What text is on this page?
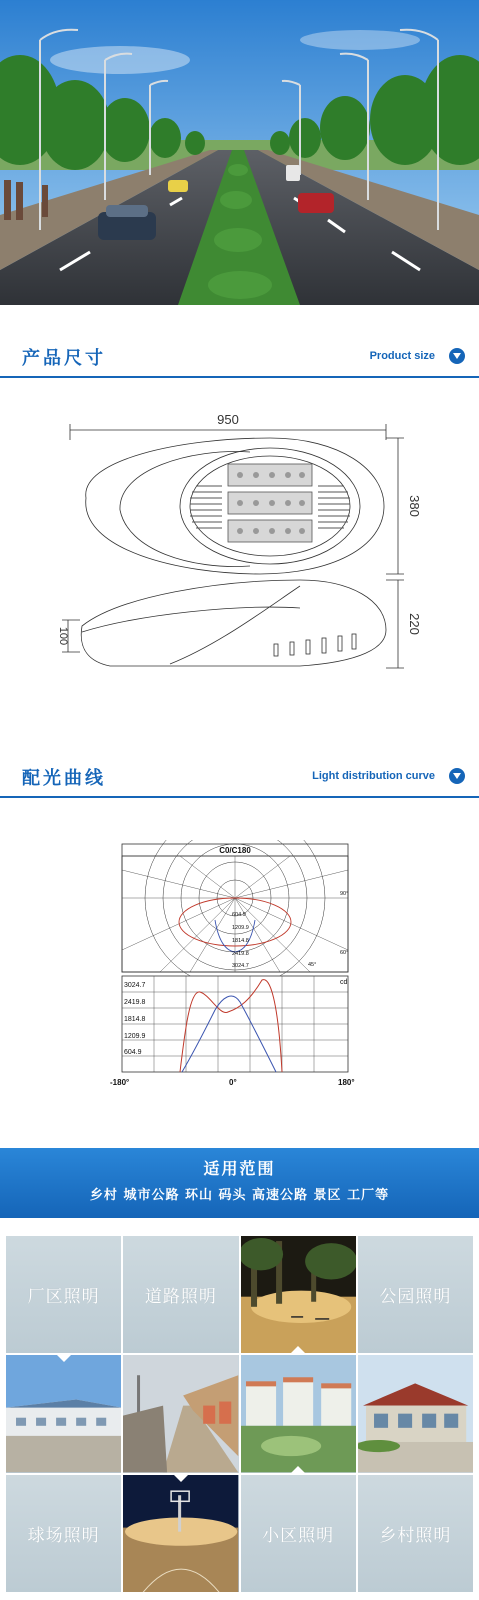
产品尺寸	Product size
950
380
220
100
配光曲线	Light distribution curve
C0/C180
604.9
1209.9
1814.8
2419.8
3024.7
90°
60°
45°
3024.7
2419.8
1814.8
1209.9
604.9
cd
-180°	0°	180°
适用范围
乡村 城市公路 环山 码头 高速公路 景区 工厂等
厂区照明	道路照明	公园照明
球场照明	小区照明	乡村照明
